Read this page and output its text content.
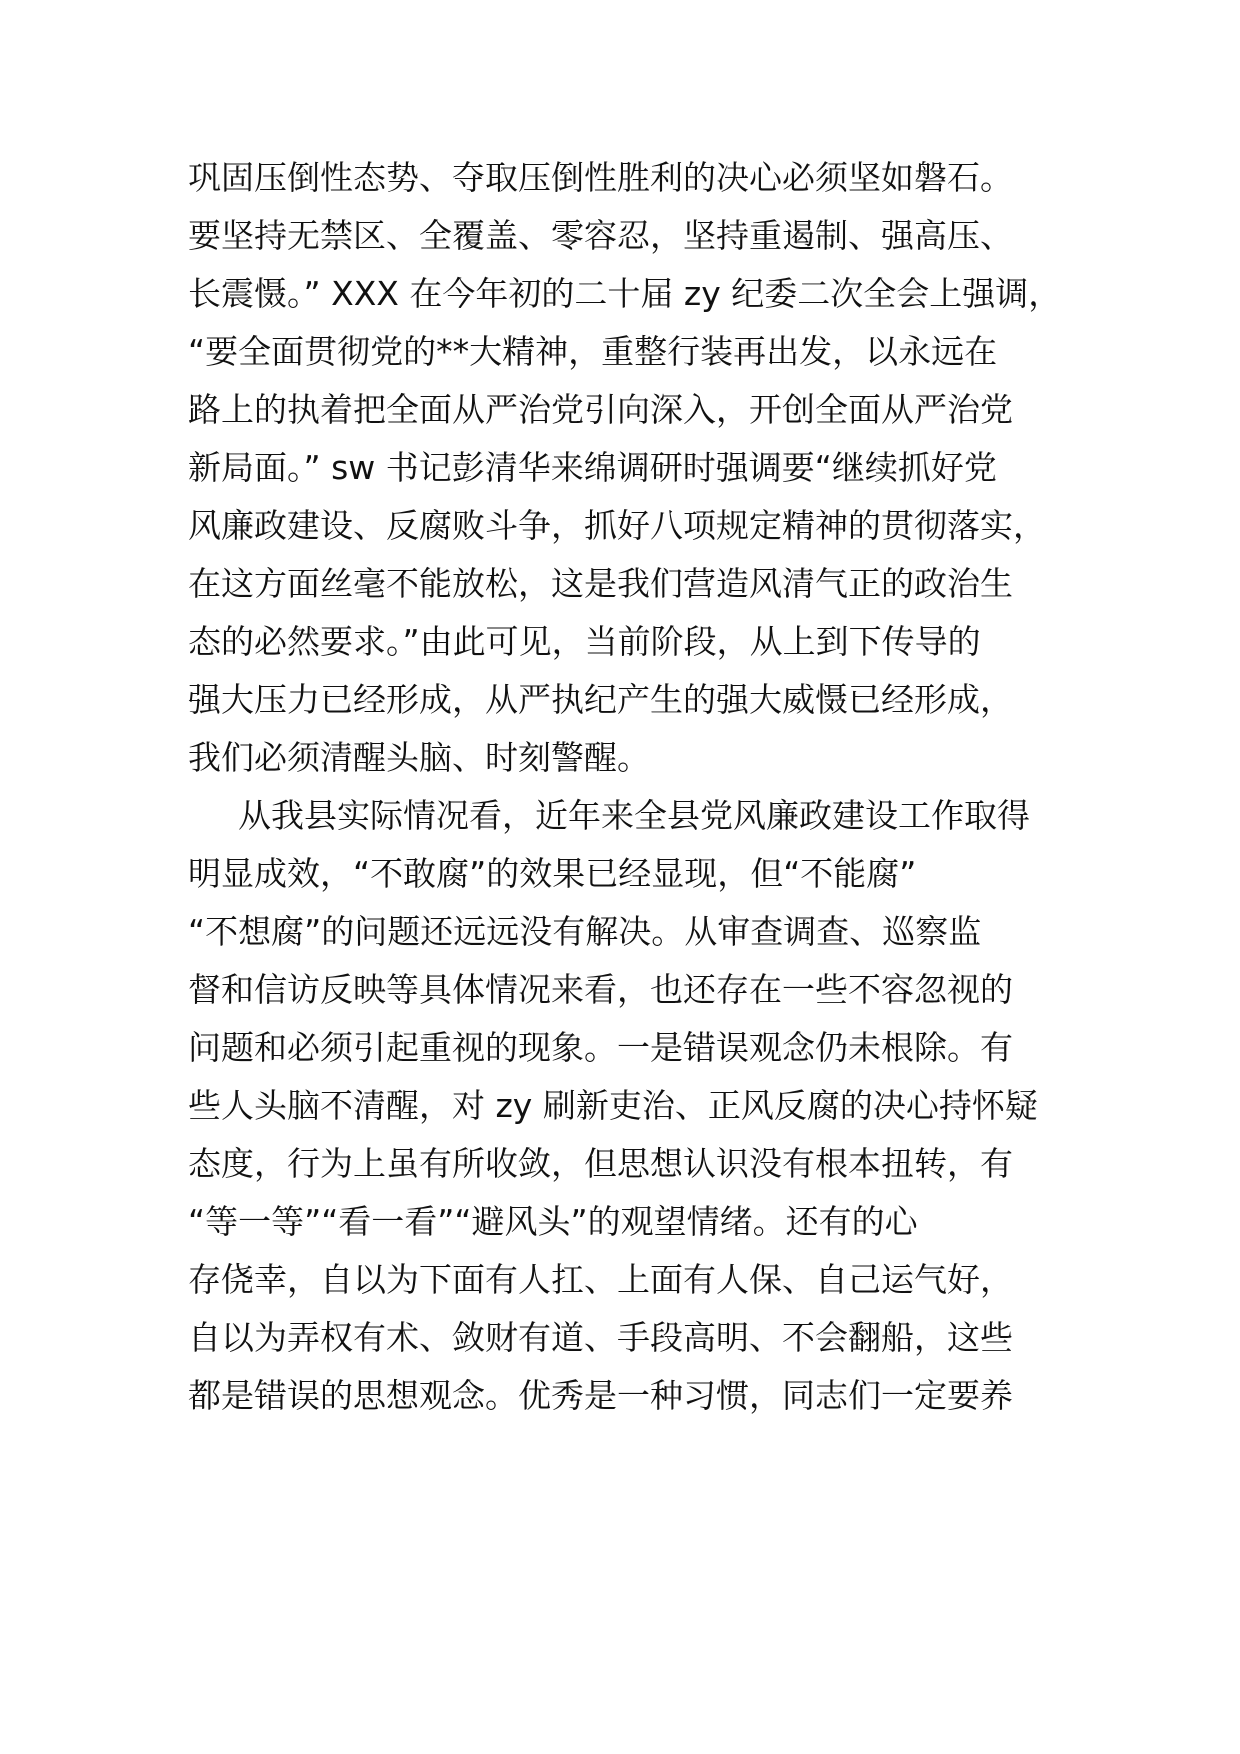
巩固压倒性态势、夺取压倒性胜利的决心必须坚如磐石。
要坚持无禁区、全覆盖、零容忍，坚持重遏制、强高压、
长震慑。” XXX 在今年初的二十届 zy 纪委二次全会上强调，
“要全面贯彻党的**大精神，重整行装再出发，以永远在
路上的执着把全面从严治党引向深入，开创全面从严治党
新局面。” sw 书记彭清华来绵调研时强调要“继续抓好党
风廉政建设、反腐败斗争，抓好八项规定精神的贯彻落实，
在这方面丝毫不能放松，这是我们营造风清气正的政治生
态的必然要求。”由此可见，当前阶段，从上到下传导的
强大压力已经形成，从严执纪产生的强大威慑已经形成，
我们必须清醒头脑、时刻警醒。
从我县实际情况看，近年来全县党风廉政建设工作取得
明显成效，“不敢腐”的效果已经显现，但“不能腐”
“不想腐”的问题还远远没有解决。从审查调查、巡察监
督和信访反映等具体情况来看，也还存在一些不容忽视的
问题和必须引起重视的现象。一是错误观念仍未根除。有
些人头脑不清醒，对 zy 刷新吏治、正风反腐的决心持怀疑
态度，行为上虽有所收敛，但思想认识没有根本扭转，有
“等一等”“看一看”“避风头”的观望情绪。还有的心
存侥幸，自以为下面有人扛、上面有人保、自己运气好，
自以为弄权有术、敛财有道、手段高明、不会翻船，这些
都是错误的思想观念。优秀是一种习惯，同志们一定要养
